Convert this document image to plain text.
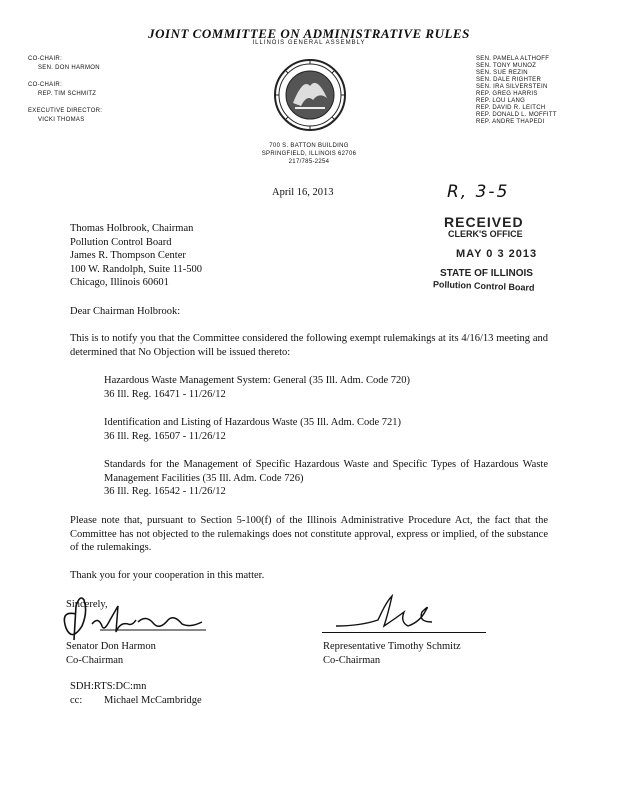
JOINT COMMITTEE ON ADMINISTRATIVE RULES
ILLINOIS GENERAL ASSEMBLY
CO-CHAIR:
SEN. DON HARMON
CO-CHAIR:
REP. TIM SCHMITZ
EXECUTIVE DIRECTOR:
VICKI THOMAS
SEN. PAMELA ALTHOFF
SEN. TONY MUNOZ
SEN. SUE REZIN
SEN. DALE RIGHTER
SEN. IRA SILVERSTEIN
REP. GREG HARRIS
REP. LOU LANG
REP. DAVID R. LEITCH
REP. DONALD L. MOFFITT
REP. ANDRE THAPEDI
700 S. BATTON BUILDING
SPRINGFIELD, ILLINOIS 62706
217/785-2254
April 16, 2013	R, 3-5
RECEIVED
CLERK'S OFFICE
MAY 0 3 2013
STATE OF ILLINOIS
Pollution Control Board
Thomas Holbrook, Chairman
Pollution Control Board
James R. Thompson Center
100 W. Randolph, Suite 11-500
Chicago, Illinois 60601
Dear Chairman Holbrook:
This is to notify you that the Committee considered the following exempt rulemakings at its 4/16/13 meeting and determined that No Objection will be issued thereto:
Hazardous Waste Management System: General (35 Ill. Adm. Code 720)
36 Ill. Reg. 16471 - 11/26/12
Identification and Listing of Hazardous Waste (35 Ill. Adm. Code 721)
36 Ill. Reg. 16507 - 11/26/12
Standards for the Management of Specific Hazardous Waste and Specific Types of Hazardous Waste Management Facilities (35 Ill. Adm. Code 726)
36 Ill. Reg. 16542 - 11/26/12
Please note that, pursuant to Section 5-100(f) of the Illinois Administrative Procedure Act, the fact that the Committee has not objected to the rulemakings does not constitute approval, express or implied, of the substance of the rulemakings.
Thank you for your cooperation in this matter.
Sincerely,
Senator Don Harmon
Co-Chairman
Representative Timothy Schmitz
Co-Chairman
SDH:RTS:DC:mn
cc: Michael McCambridge
